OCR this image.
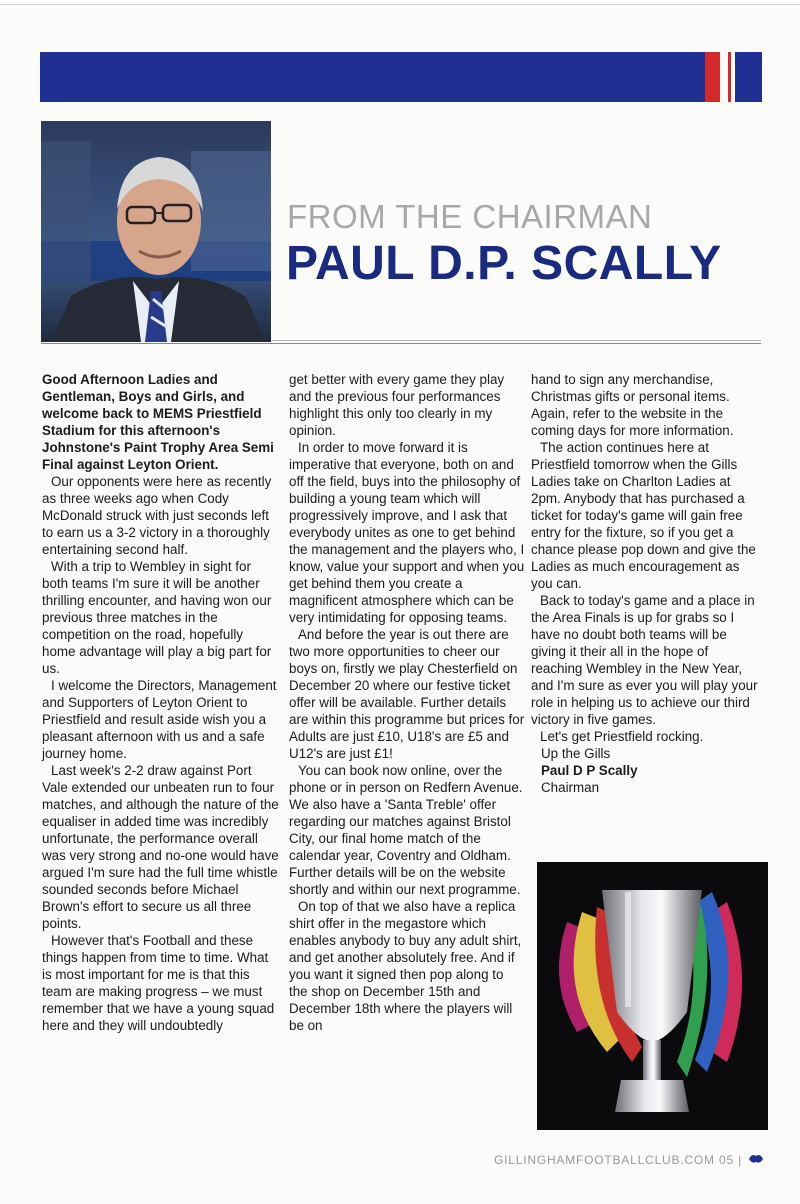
FROM THE CHAIRMAN
PAUL D.P. SCALLY

Good Afternoon Ladies and Gentleman, Boys and Girls, and welcome back to MEMS Priestfield Stadium for this afternoon's Johnstone's Paint Trophy Area Semi Final against Leyton Orient.

Our opponents were here as recently as three weeks ago when Cody McDonald struck with just seconds left to earn us a 3-2 victory in a thoroughly entertaining second half.

With a trip to Wembley in sight for both teams I'm sure it will be another thrilling encounter, and having won our previous three matches in the competition on the road, hopefully home advantage will play a big part for us.

I welcome the Directors, Management and Supporters of Leyton Orient to Priestfield and result aside wish you a pleasant afternoon with us and a safe journey home.

Last week's 2-2 draw against Port Vale extended our unbeaten run to four matches, and although the nature of the equaliser in added time was incredibly unfortunate, the performance overall was very strong and no-one would have argued I'm sure had the full time whistle sounded seconds before Michael Brown's effort to secure us all three points.

However that's Football and these things happen from time to time. What is most important for me is that this team are making progress – we must remember that we have a young squad here and they will undoubtedly

get better with every game they play and the previous four performances highlight this only too clearly in my opinion.

In order to move forward it is imperative that everyone, both on and off the field, buys into the philosophy of building a young team which will progressively improve, and I ask that everybody unites as one to get behind the management and the players who, I know, value your support and when you get behind them you create a magnificent atmosphere which can be very intimidating for opposing teams.

And before the year is out there are two more opportunities to cheer our boys on, firstly we play Chesterfield on December 20 where our festive ticket offer will be available. Further details are within this programme but prices for Adults are just £10, U18's are £5 and U12's are just £1!

You can book now online, over the phone or in person on Redfern Avenue. We also have a 'Santa Treble' offer regarding our matches against Bristol City, our final home match of the calendar year, Coventry and Oldham. Further details will be on the website shortly and within our next programme.

On top of that we also have a replica shirt offer in the megastore which enables anybody to buy any adult shirt, and get another absolutely free. And if you want it signed then pop along to the shop on December 15th and December 18th where the players will be on

hand to sign any merchandise, Christmas gifts or personal items. Again, refer to the website in the coming days for more information.

The action continues here at Priestfield tomorrow when the Gills Ladies take on Charlton Ladies at 2pm. Anybody that has purchased a ticket for today's game will gain free entry for the fixture, so if you get a chance please pop down and give the Ladies as much encouragement as you can.

Back to today's game and a place in the Area Finals is up for grabs so I have no doubt both teams will be giving it their all in the hope of reaching Wembley in the New Year, and I'm sure as ever you will play your role in helping us to achieve our third victory in five games.

Let's get Priestfield rocking.

Up the Gills

Paul D P Scally

Chairman

GILLINGHAMFOOTBALLCLUB.COM 05 |
